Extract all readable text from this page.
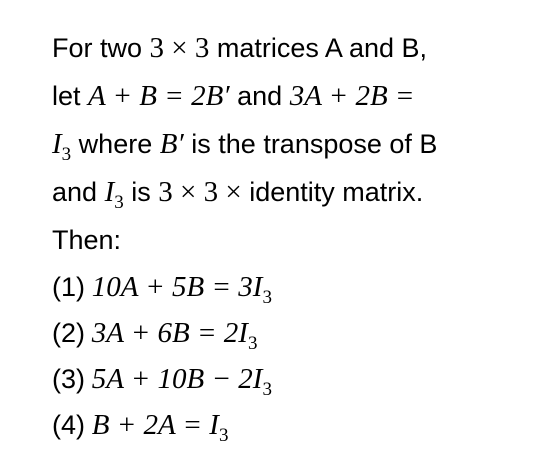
For two 3 × 3 matrices A and B,
let A + B = 2B′ and 3A + 2B =
$I_3$ where B′ is the transpose of B
and $I_3$ is 3 × 3 × identity matrix.
Then:
(1) $10A + 5B = 3I_3$
(2) $3A + 6B = 2I_3$
(3) $5A + 10B - 2I_3$
(4) $B + 2A = I_3$
